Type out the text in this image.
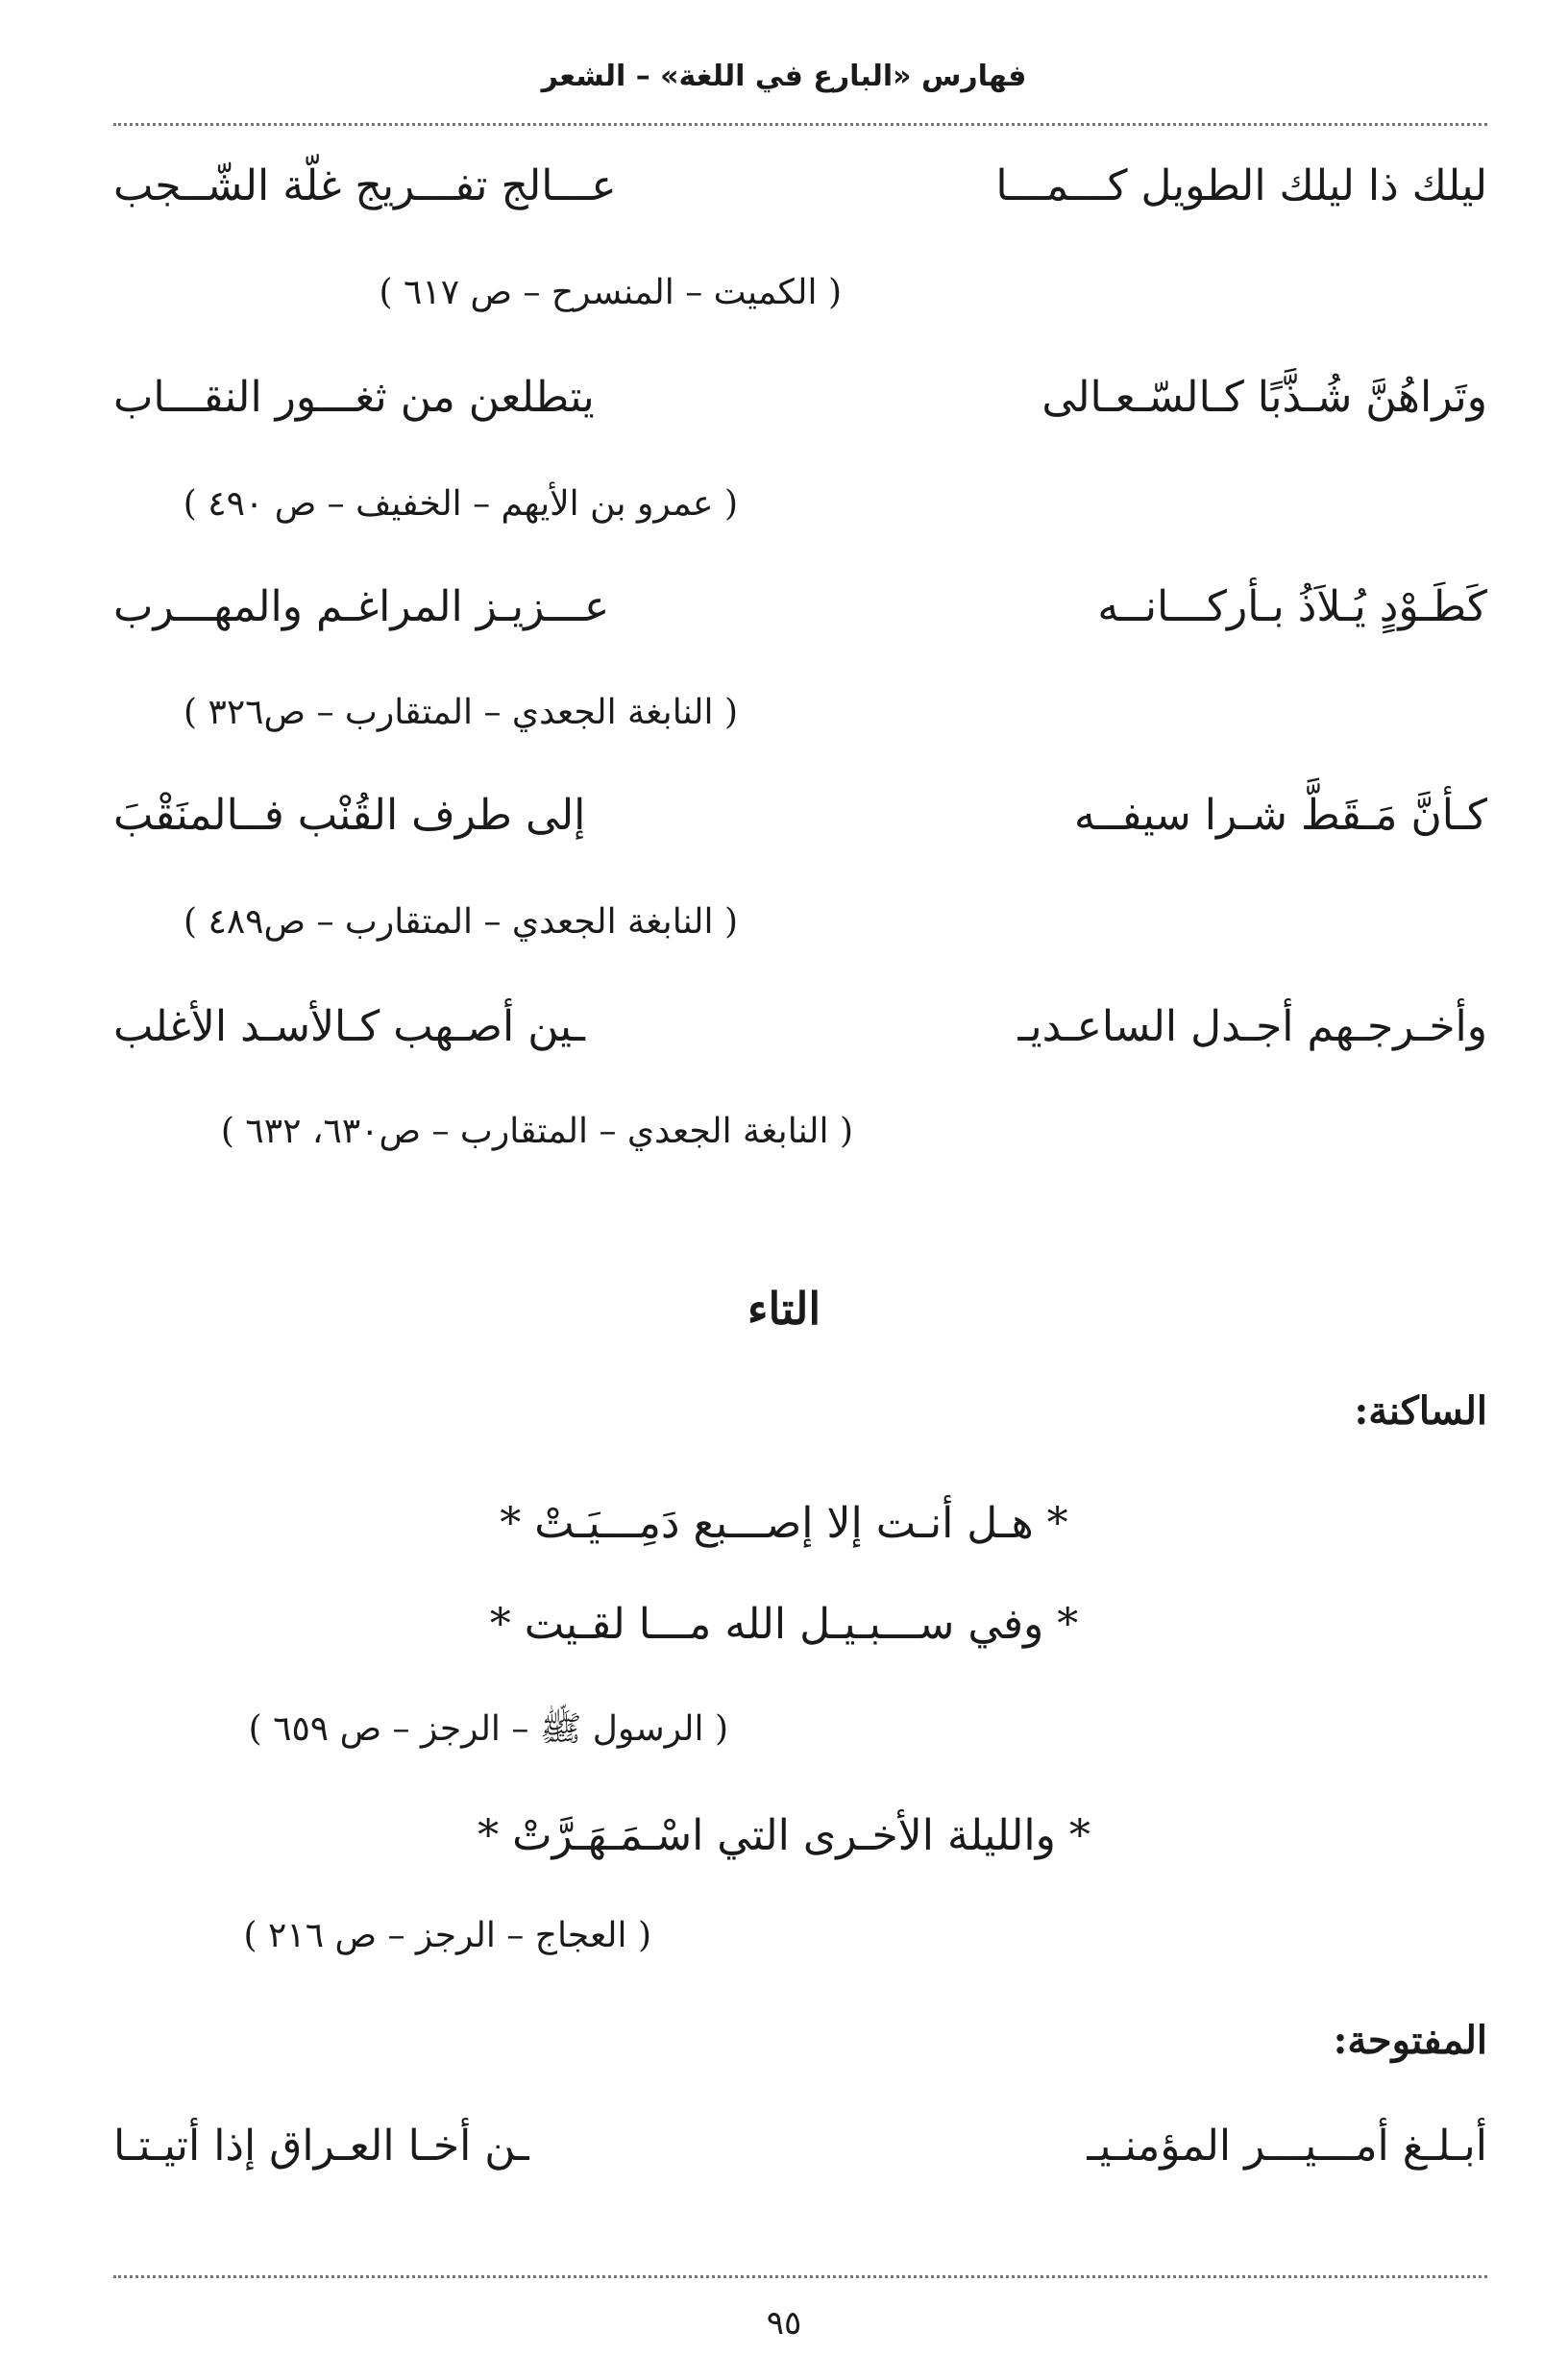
فهارس «البارع في اللغة» – الشعر
ليلك ذا ليلك الطويل كـــمـــا
عـــالج تفـــريج غلّة الشّــجب
( الكميت – المنسرح – ص ٦١٧ )
وتَراهُنَّ شُـذَّبًا كـالسّـعـالى
يتطلعن من ثغـــور النقـــاب
( عمرو بن الأيهم – الخفيف – ص ٤٩٠ )
كَطَـوْدٍ يُـلاَذُ بـأركـــانــه
عـــزيـز المراغـم والمهـــرب
( النابغة الجعدي – المتقارب – ص٣٢٦ )
كـأنَّ مَـقَطَّ شـرا سيفــه
إلى طرف القُنْب فــالمنَقْبَ
( النابغة الجعدي – المتقارب – ص٤٨٩ )
وأخـرجـهم أجـدل الساعـديـ
ـين أصـهب كـالأسـد الأغلب
( النابغة الجعدي – المتقارب – ص٦٣٠، ٦٣٢ )
التاء
الساكنة:
* هـل أنـت إلا إصـــبع دَمِـــيَـتْ *
* وفي ســـبـيـل الله مـــا لقـيت *
( الرسول ﷺ – الرجز – ص ٦٥٩ )
* والليلة الأخـرى التي اسْـمَـهَـرَّتْ *
( العجاج – الرجز – ص ٢١٦ )
المفتوحة:
أبـلـغ أمـــيـــر المؤمنـيـ
ـن أخـا العـراق إذا أتيـتـا
٩٥
